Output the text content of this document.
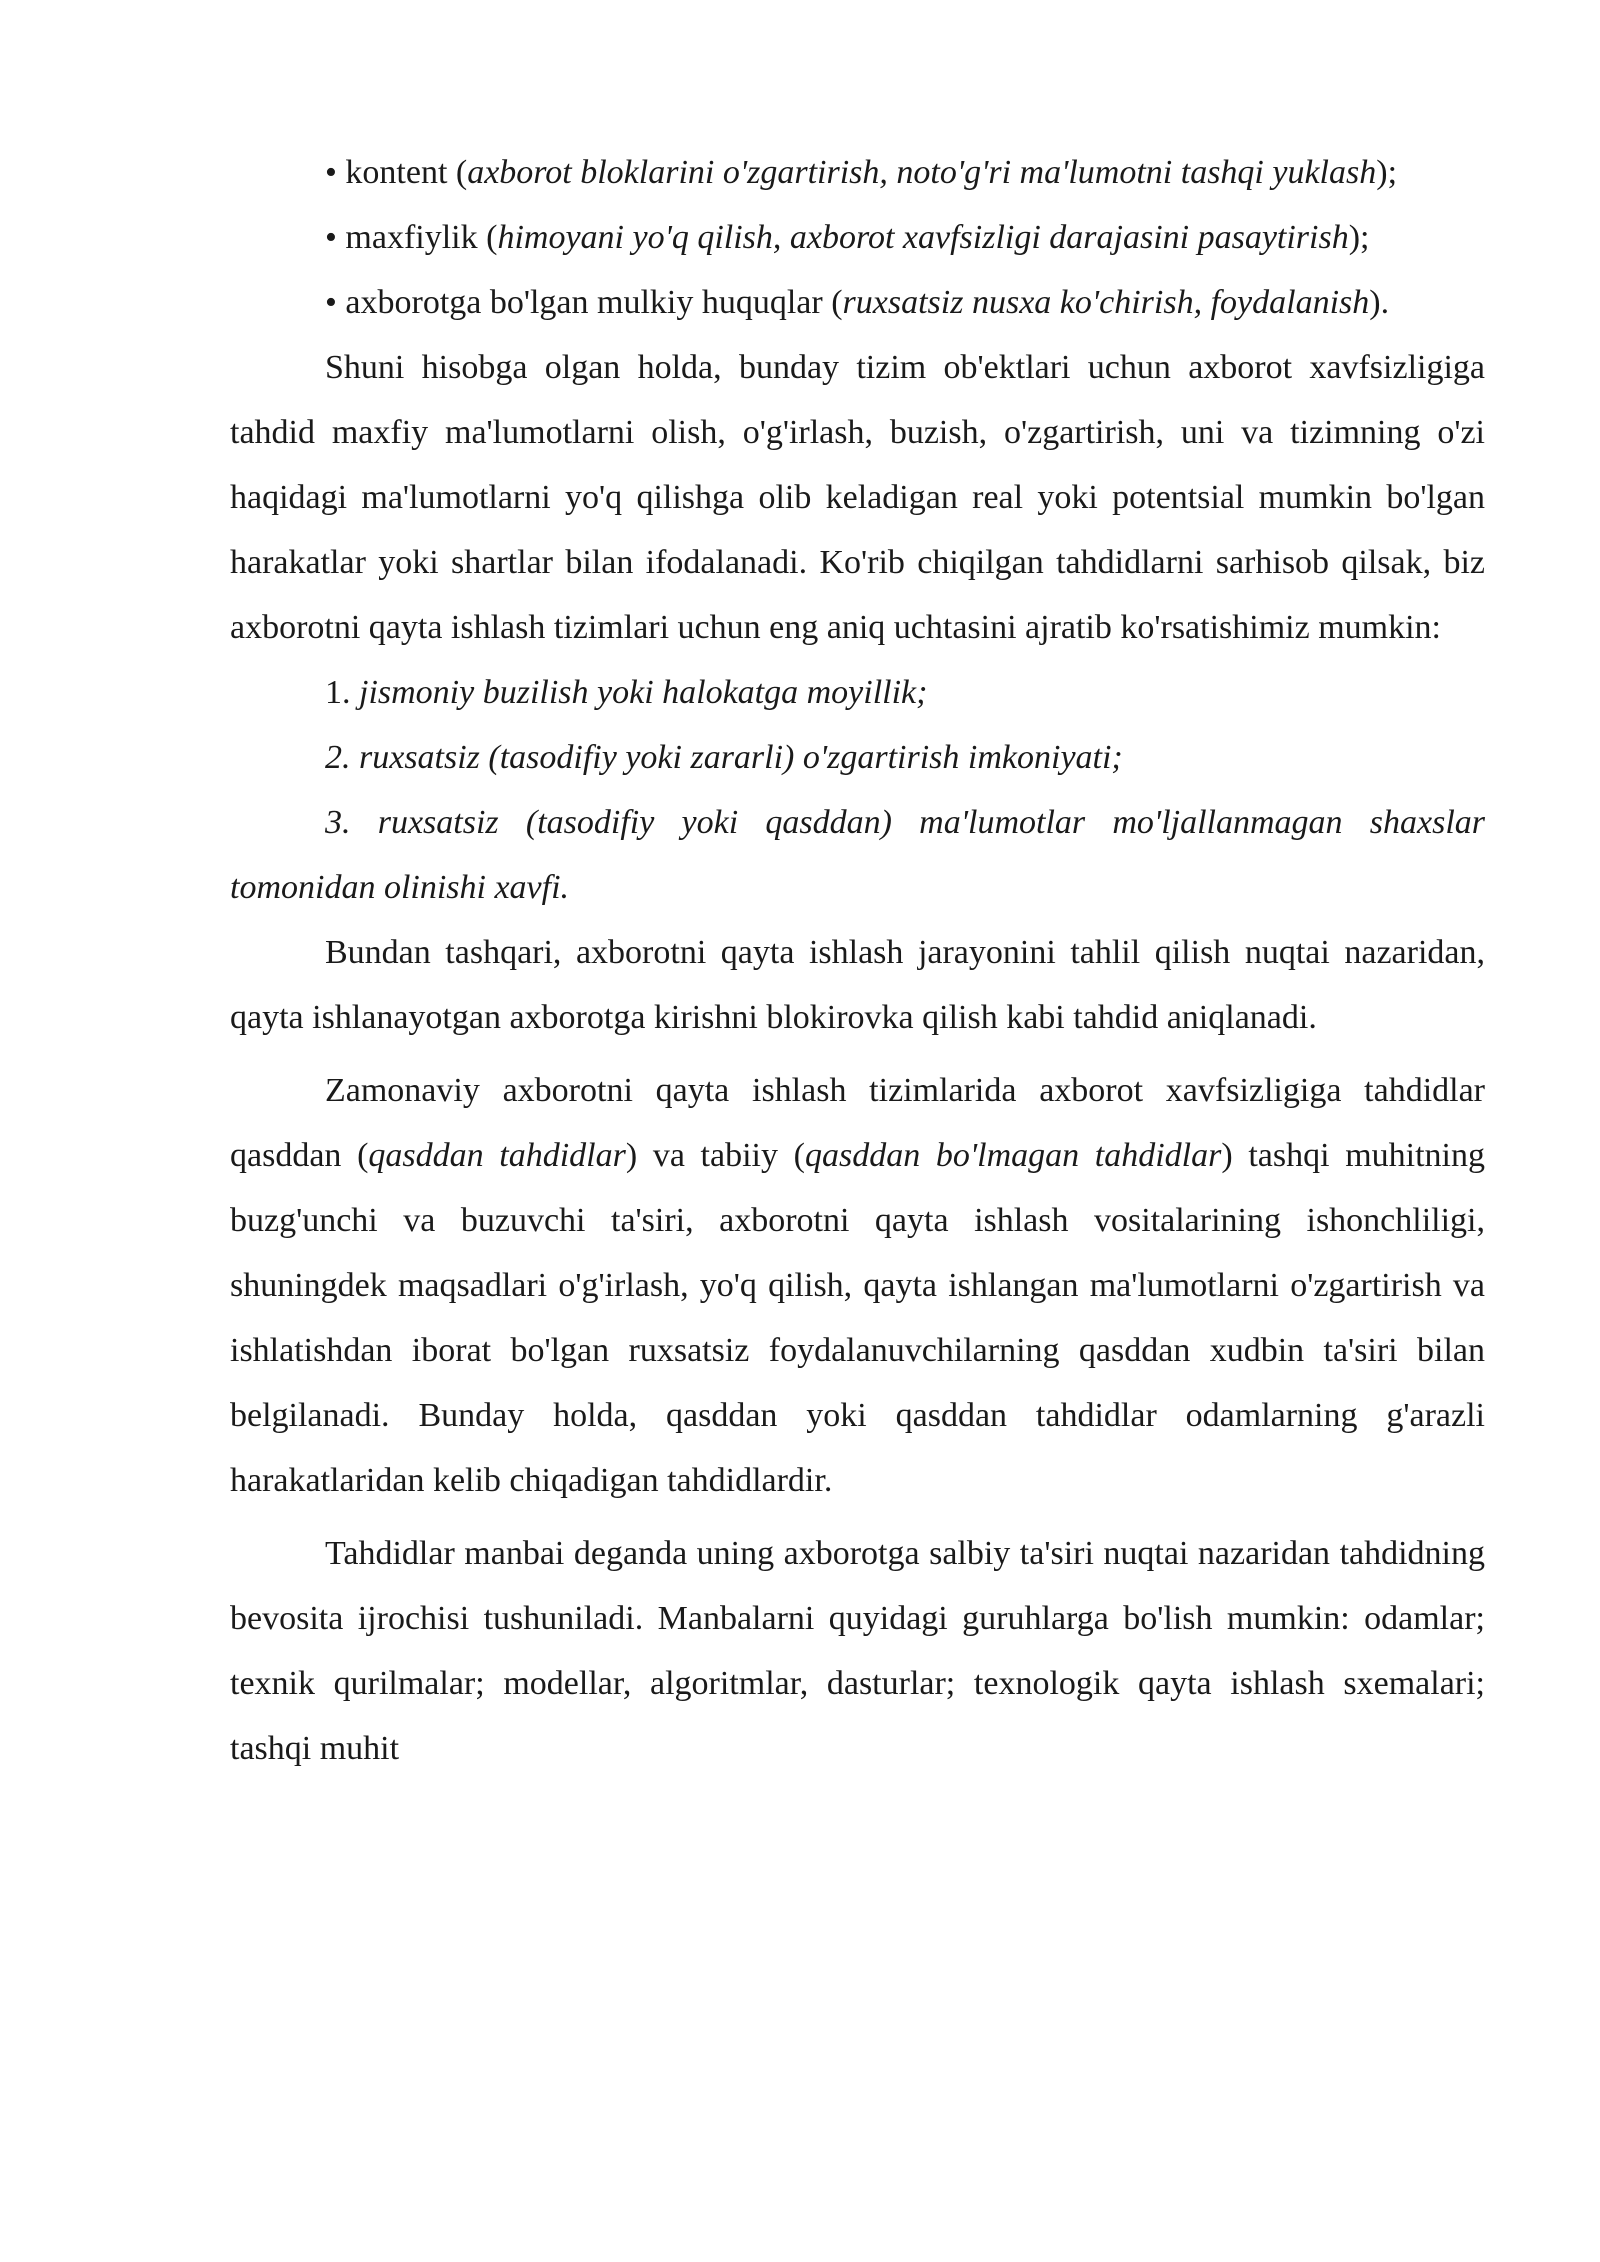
• kontent (axborot bloklarini o'zgartirish, noto'g'ri ma'lumotni tashqi yuklash);

• maxfiylik (himoyani yo'q qilish, axborot xavfsizligi darajasini pasaytirish);

• axborotga bo'lgan mulkiy huquqlar (ruxsatsiz nusxa ko'chirish, foydalanish).

Shuni hisobga olgan holda, bunday tizim ob'ektlari uchun axborot xavfsizligiga tahdid maxfiy ma'lumotlarni olish, o'g'irlash, buzish, o'zgartirish, uni va tizimning o'zi haqidagi ma'lumotlarni yo'q qilishga olib keladigan real yoki potentsial mumkin bo'lgan harakatlar yoki shartlar bilan ifodalanadi. Ko'rib chiqilgan tahdidlarni sarhisob qilsak, biz axborotni qayta ishlash tizimlari uchun eng aniq uchtasini ajratib ko'rsatishimiz mumkin:

1. jismoniy buzilish yoki halokatga moyillik;

2. ruxsatsiz (tasodifiy yoki zararli) o'zgartirish imkoniyati;

3. ruxsatsiz (tasodifiy yoki qasddan) ma'lumotlar mo'ljallanmagan shaxslar tomonidan olinishi xavfi.

Bundan tashqari, axborotni qayta ishlash jarayonini tahlil qilish nuqtai nazaridan, qayta ishlanayotgan axborotga kirishni blokirovka qilish kabi tahdid aniqlanadi.

Zamonaviy axborotni qayta ishlash tizimlarida axborot xavfsizligiga tahdidlar qasddan (qasddan tahdidlar) va tabiiy (qasddan bo'lmagan tahdidlar) tashqi muhitning buzg'unchi va buzuvchi ta'siri, axborotni qayta ishlash vositalarining ishonchliligi, shuningdek maqsadlari o'g'irlash, yo'q qilish, qayta ishlangan ma'lumotlarni o'zgartirish va ishlatishdan iborat bo'lgan ruxsatsiz foydalanuvchilarning qasddan xudbin ta'siri bilan belgilanadi. Bunday holda, qasddan yoki qasddan tahdidlar odamlarning g'arazli harakatlaridan kelib chiqadigan tahdidlardir.

Tahdidlar manbai deganda uning axborotga salbiy ta'siri nuqtai nazaridan tahdidning bevosita ijrochisi tushuniladi. Manbalarni quyidagi guruhlarga bo'lish mumkin: odamlar; texnik qurilmalar; modellar, algoritmlar, dasturlar; texnologik qayta ishlash sxemalari; tashqi muhit
